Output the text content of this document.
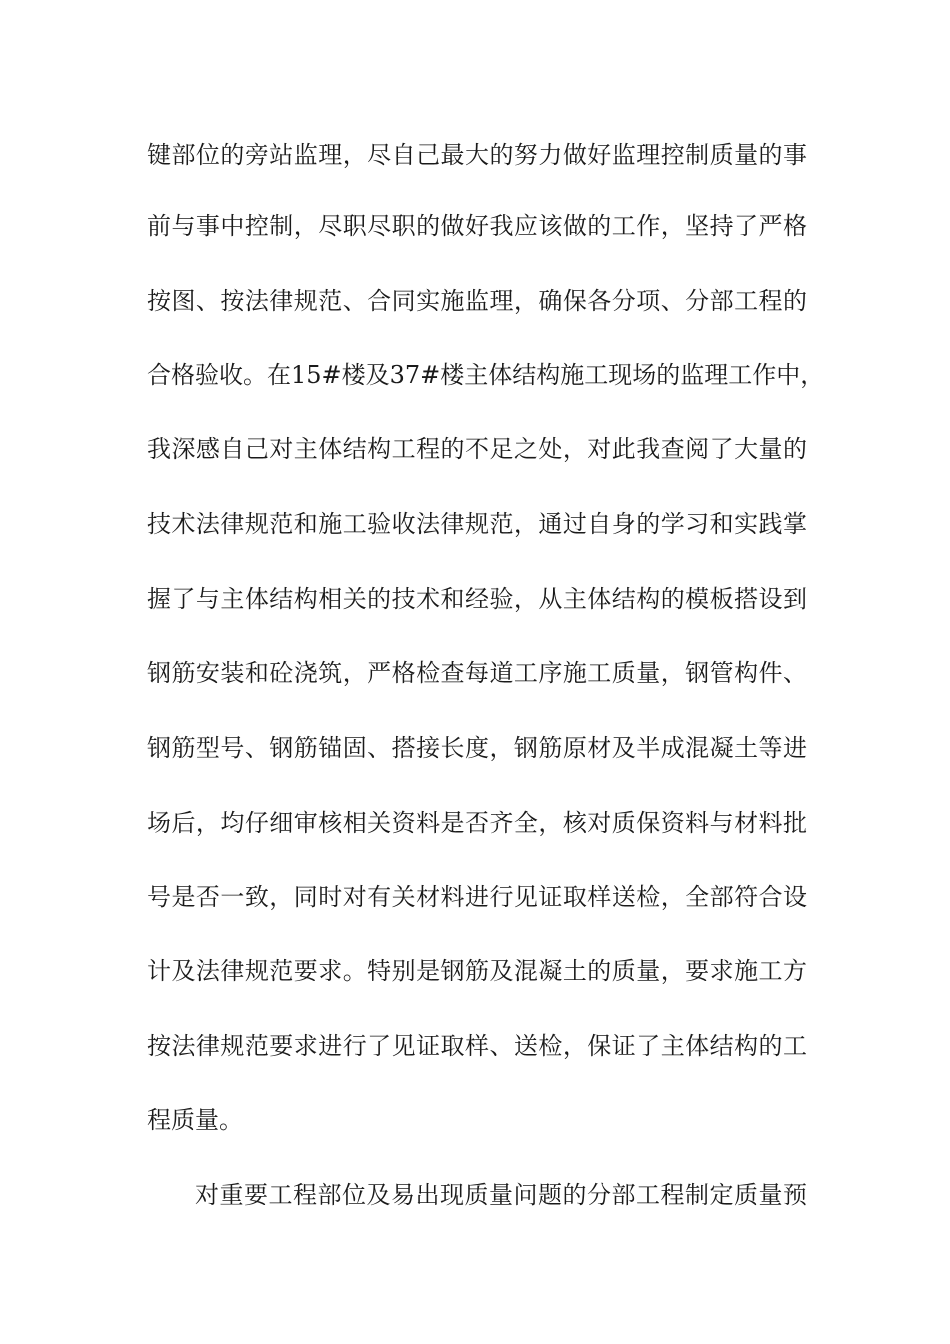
键部位的旁站监理，尽自己最大的努力做好监理控制质量的事
前与事中控制，尽职尽职的做好我应该做的工作，坚持了严格
按图、按法律规范、合同实施监理，确保各分项、分部工程的
合格验收。在15#楼及37#楼主体结构施工现场的监理工作中，
我深感自己对主体结构工程的不足之处，对此我查阅了大量的
技术法律规范和施工验收法律规范，通过自身的学习和实践掌
握了与主体结构相关的技术和经验，从主体结构的模板搭设到
钢筋安装和砼浇筑，严格检查每道工序施工质量，钢管构件、
钢筋型号、钢筋锚固、搭接长度，钢筋原材及半成混凝土等进
场后，均仔细审核相关资料是否齐全，核对质保资料与材料批
号是否一致，同时对有关材料进行见证取样送检，全部符合设
计及法律规范要求。特别是钢筋及混凝土的质量，要求施工方
按法律规范要求进行了见证取样、送检，保证了主体结构的工
程质量。
对重要工程部位及易出现质量问题的分部工程制定质量预
